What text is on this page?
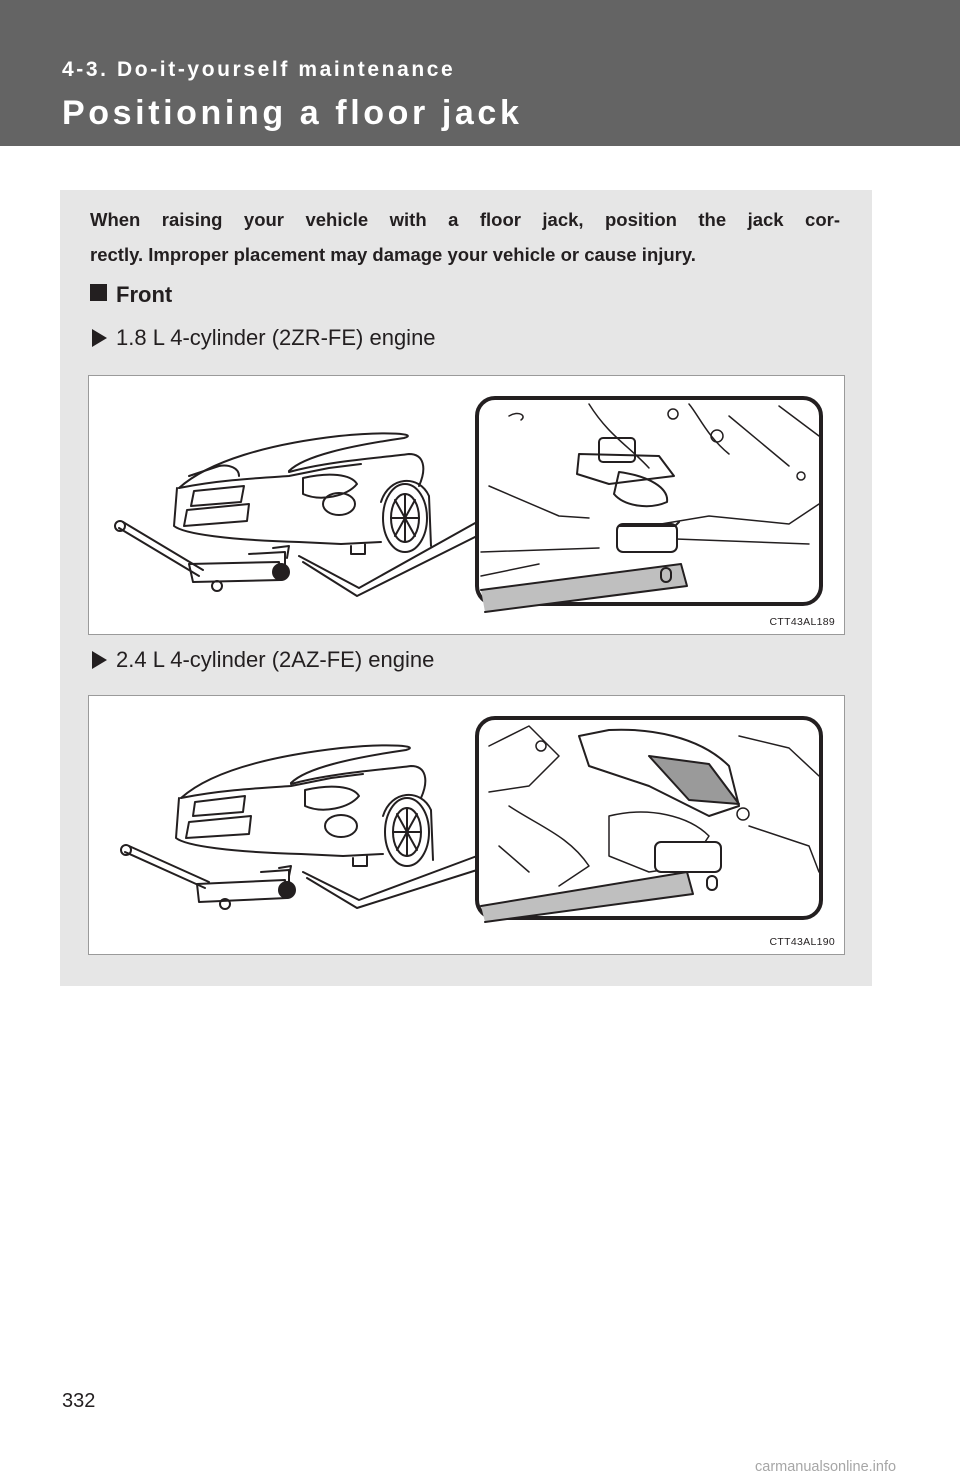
4-3. Do-it-yourself maintenance
Positioning a floor jack
When raising your vehicle with a floor jack, position the jack cor-
rectly. Improper placement may damage your vehicle or cause injury.
Front
1.8 L 4-cylinder (2ZR-FE) engine
CTT43AL189
2.4 L 4-cylinder (2AZ-FE) engine
CTT43AL190
332
carmanualsonline.info
